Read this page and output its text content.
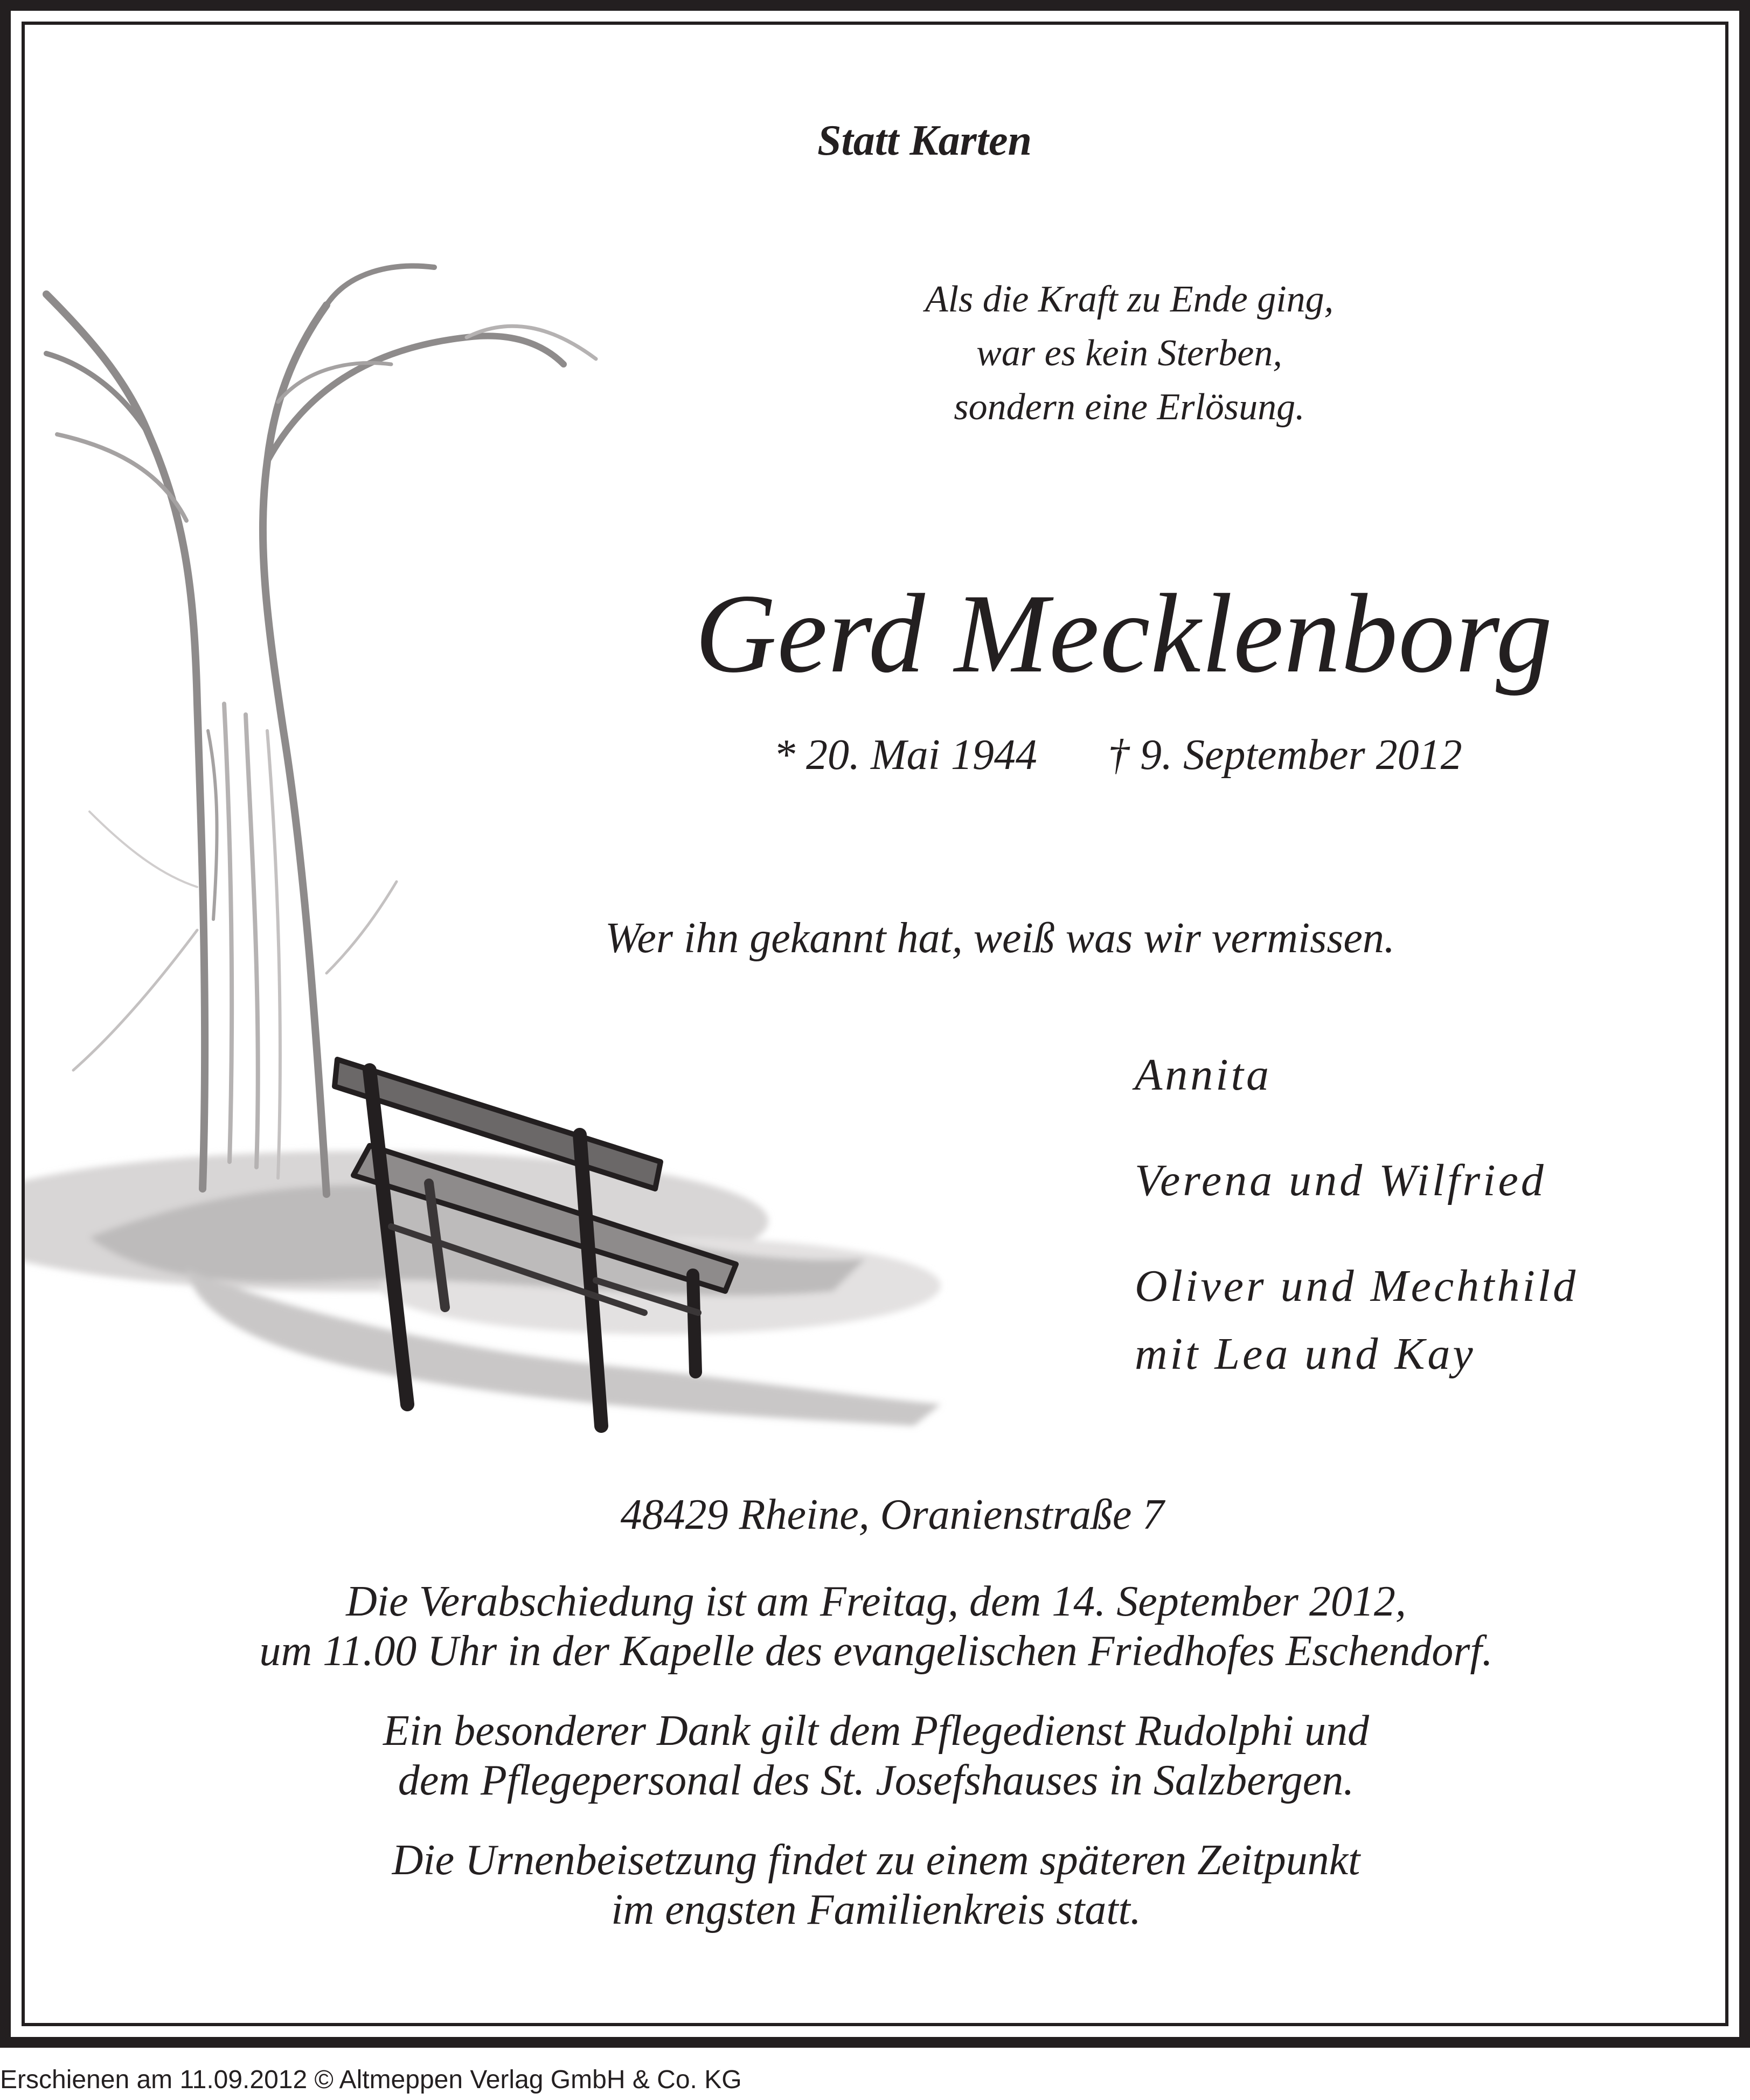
Statt Karten
Als die Kraft zu Ende ging,
war es kein Sterben,
sondern eine Erlösung.
Gerd Mecklenborg
* 20. Mai 1944 † 9. September 2012
Wer ihn gekannt hat, weiß was wir vermissen.
Annita
Verena und Wilfried
Oliver und Mechthild
mit Lea und Kay
48429 Rheine, Oranienstraße 7
Die Verabschiedung ist am Freitag, dem 14. September 2012,
um 11.00 Uhr in der Kapelle des evangelischen Friedhofes Eschendorf.
Ein besonderer Dank gilt dem Pflegedienst Rudolphi und
dem Pflegepersonal des St. Josefshauses in Salzbergen.
Die Urnenbeisetzung findet zu einem späteren Zeitpunkt
im engsten Familienkreis statt.
Erschienen am 11.09.2012 © Altmeppen Verlag GmbH & Co. KG
